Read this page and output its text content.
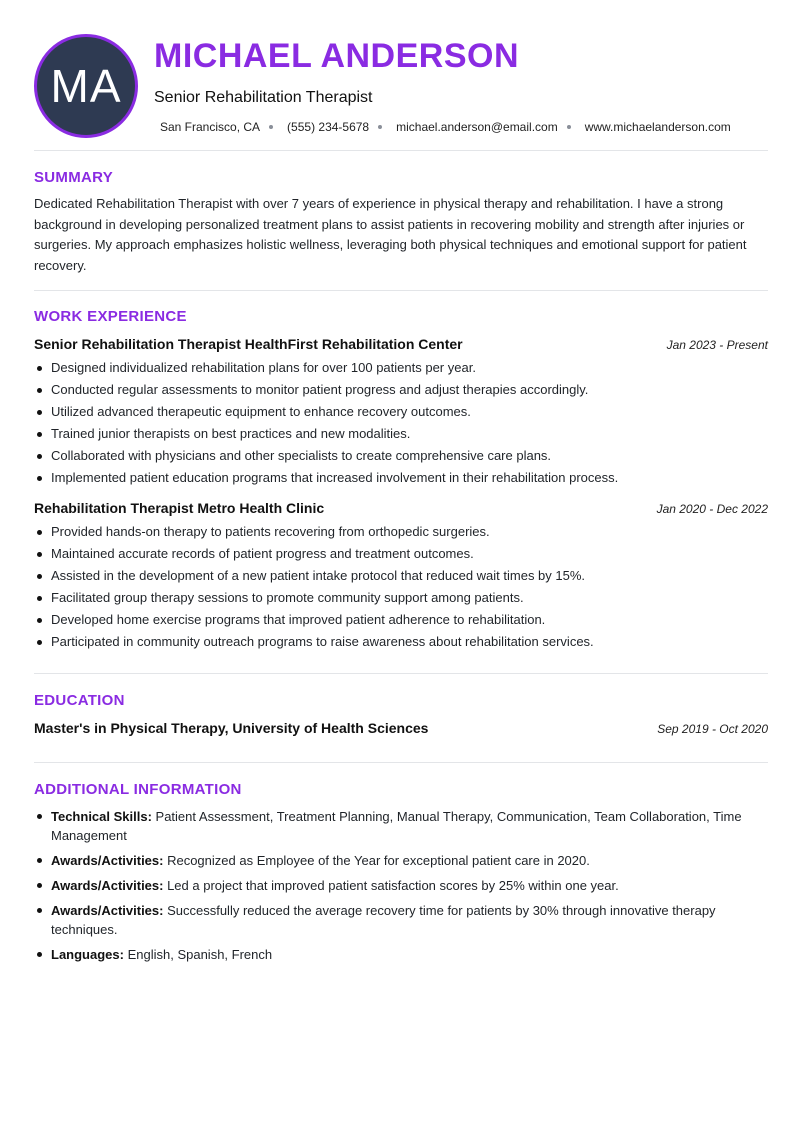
MA
MICHAEL ANDERSON
Senior Rehabilitation Therapist
San Francisco, CA (555) 234-5678 michael.anderson@email.com www.michaelanderson.com
SUMMARY

Dedicated Rehabilitation Therapist with over 7 years of experience in physical therapy and rehabilitation. I have a strong background in developing personalized treatment plans to assist patients in recovering mobility and strength after injuries or surgeries. My approach emphasizes holistic wellness, leveraging both physical techniques and emotional support for patient recovery.

WORK EXPERIENCE
Senior Rehabilitation Therapist HealthFirst Rehabilitation Center	Jan 2023 - Present
Designed individualized rehabilitation plans for over 100 patients per year.
Conducted regular assessments to monitor patient progress and adjust therapies accordingly.
Utilized advanced therapeutic equipment to enhance recovery outcomes.
Trained junior therapists on best practices and new modalities.
Collaborated with physicians and other specialists to create comprehensive care plans.
Implemented patient education programs that increased involvement in their rehabilitation process.
Rehabilitation Therapist Metro Health Clinic	Jan 2020 - Dec 2022
Provided hands-on therapy to patients recovering from orthopedic surgeries.
Maintained accurate records of patient progress and treatment outcomes.
Assisted in the development of a new patient intake protocol that reduced wait times by 15%.
Facilitated group therapy sessions to promote community support among patients.
Developed home exercise programs that improved patient adherence to rehabilitation.
Participated in community outreach programs to raise awareness about rehabilitation services.
EDUCATION
Master's in Physical Therapy, University of Health Sciences	Sep 2019 - Oct 2020
ADDITIONAL INFORMATION
Technical Skills: Patient Assessment, Treatment Planning, Manual Therapy, Communication, Team Collaboration, Time Management
Awards/Activities: Recognized as Employee of the Year for exceptional patient care in 2020.
Awards/Activities: Led a project that improved patient satisfaction scores by 25% within one year.
Awards/Activities: Successfully reduced the average recovery time for patients by 30% through innovative therapy techniques.
Languages: English, Spanish, French
